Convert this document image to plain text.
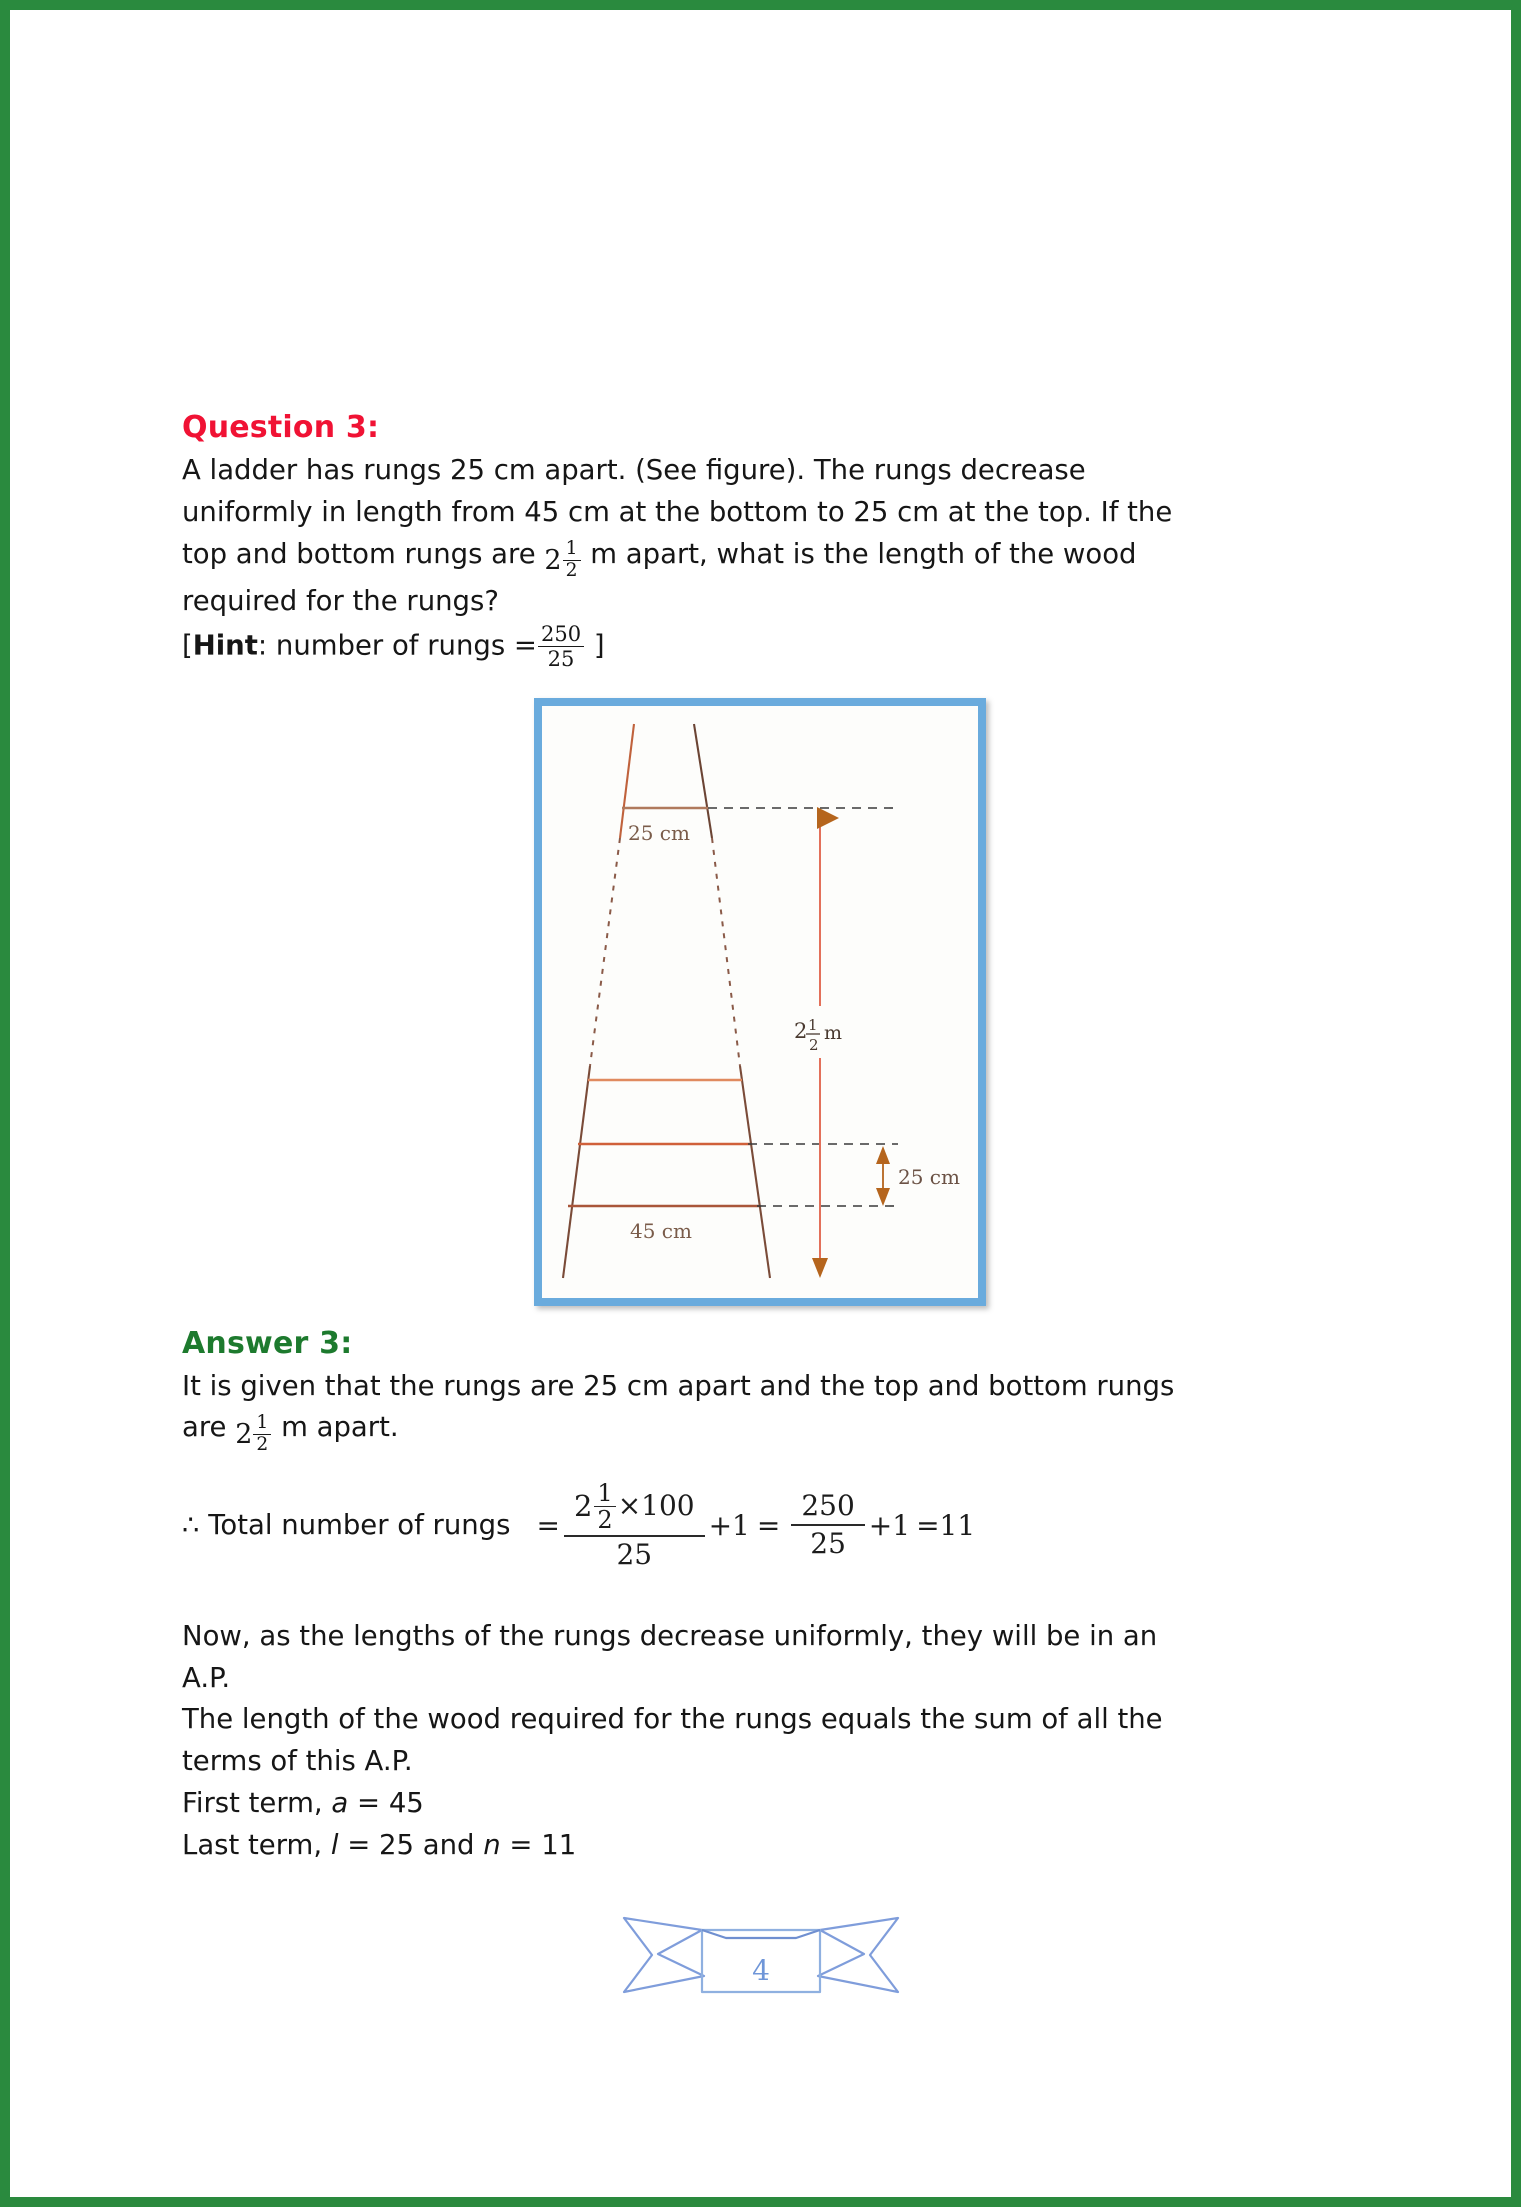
Question 3:
A ladder has rungs 25 cm apart. (See figure). The rungs decrease
uniformly in length from 45 cm at the bottom to 25 cm at the top. If the
top and bottom rungs are $2 \frac{1}{2}$ m apart, what is the length of the wood
required for the rungs?
[Hint: number of rungs = $\frac{250}{25}$ ]
25 cm
45 cm
2 1
2
m
25 cm
Answer 3:
It is given that the rungs are 25 cm apart and the top and bottom rungs
are $2 \frac{1}{2}$ m apart.
∴ Total number of rungs = $\frac{2 \frac{1}{2} \times 100}{25} +1 = \frac{250}{25} +1 =11$
Now, as the lengths of the rungs decrease uniformly, they will be in an
A.P.
The length of the wood required for the rungs equals the sum of all the
terms of this A.P.
First term, a = 45
Last term, l = 25 and n = 11
4
